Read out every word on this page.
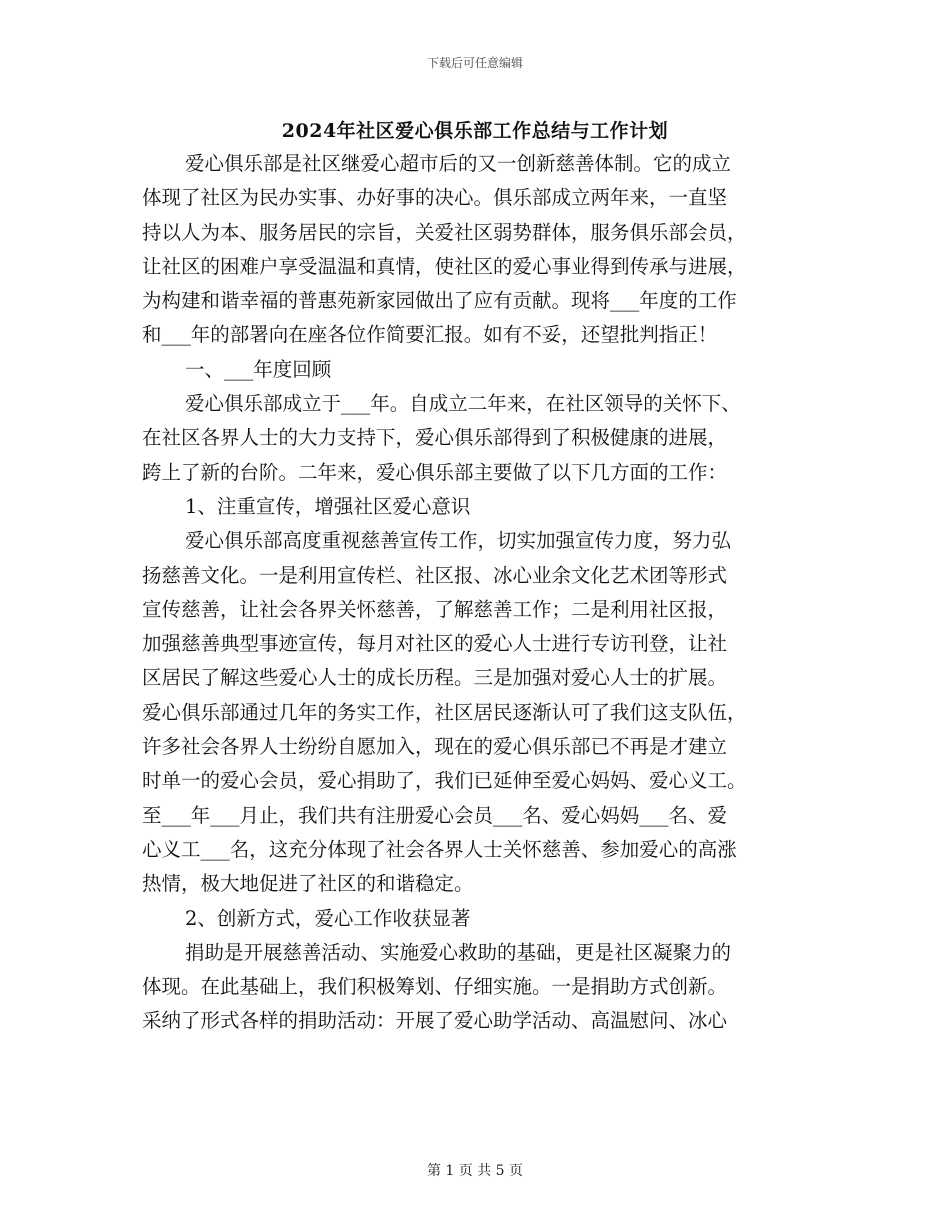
下载后可任意编辑
2024年社区爱心俱乐部工作总结与工作计划
爱心俱乐部是社区继爱心超市后的又一创新慈善体制。它的成立
体现了社区为民办实事、办好事的决心。俱乐部成立两年来，一直坚
持以人为本、服务居民的宗旨，关爱社区弱势群体，服务俱乐部会员，
让社区的困难户享受温温和真情，使社区的爱心事业得到传承与进展，
为构建和谐幸福的普惠苑新家园做出了应有贡献。现将___年度的工作
和___年的部署向在座各位作简要汇报。如有不妥，还望批判指正！
一、___年度回顾
爱心俱乐部成立于___年。自成立二年来，在社区领导的关怀下、
在社区各界人士的大力支持下，爱心俱乐部得到了积极健康的进展，
跨上了新的台阶。二年来，爱心俱乐部主要做了以下几方面的工作：
1、注重宣传，增强社区爱心意识
爱心俱乐部高度重视慈善宣传工作，切实加强宣传力度，努力弘
扬慈善文化。一是利用宣传栏、社区报、冰心业余文化艺术团等形式
宣传慈善，让社会各界关怀慈善，了解慈善工作；二是利用社区报，
加强慈善典型事迹宣传，每月对社区的爱心人士进行专访刊登，让社
区居民了解这些爱心人士的成长历程。三是加强对爱心人士的扩展。
爱心俱乐部通过几年的务实工作，社区居民逐渐认可了我们这支队伍，
许多社会各界人士纷纷自愿加入，现在的爱心俱乐部已不再是才建立
时单一的爱心会员，爱心捐助了，我们已延伸至爱心妈妈、爱心义工。
至___年___月止，我们共有注册爱心会员___名、爱心妈妈___名、爱
心义工___名，这充分体现了社会各界人士关怀慈善、参加爱心的高涨
热情，极大地促进了社区的和谐稳定。
2、创新方式，爱心工作收获显著
捐助是开展慈善活动、实施爱心救助的基础，更是社区凝聚力的
体现。在此基础上，我们积极筹划、仔细实施。一是捐助方式创新。
采纳了形式各样的捐助活动：开展了爱心助学活动、高温慰问、冰心
第 1 页 共 5 页
